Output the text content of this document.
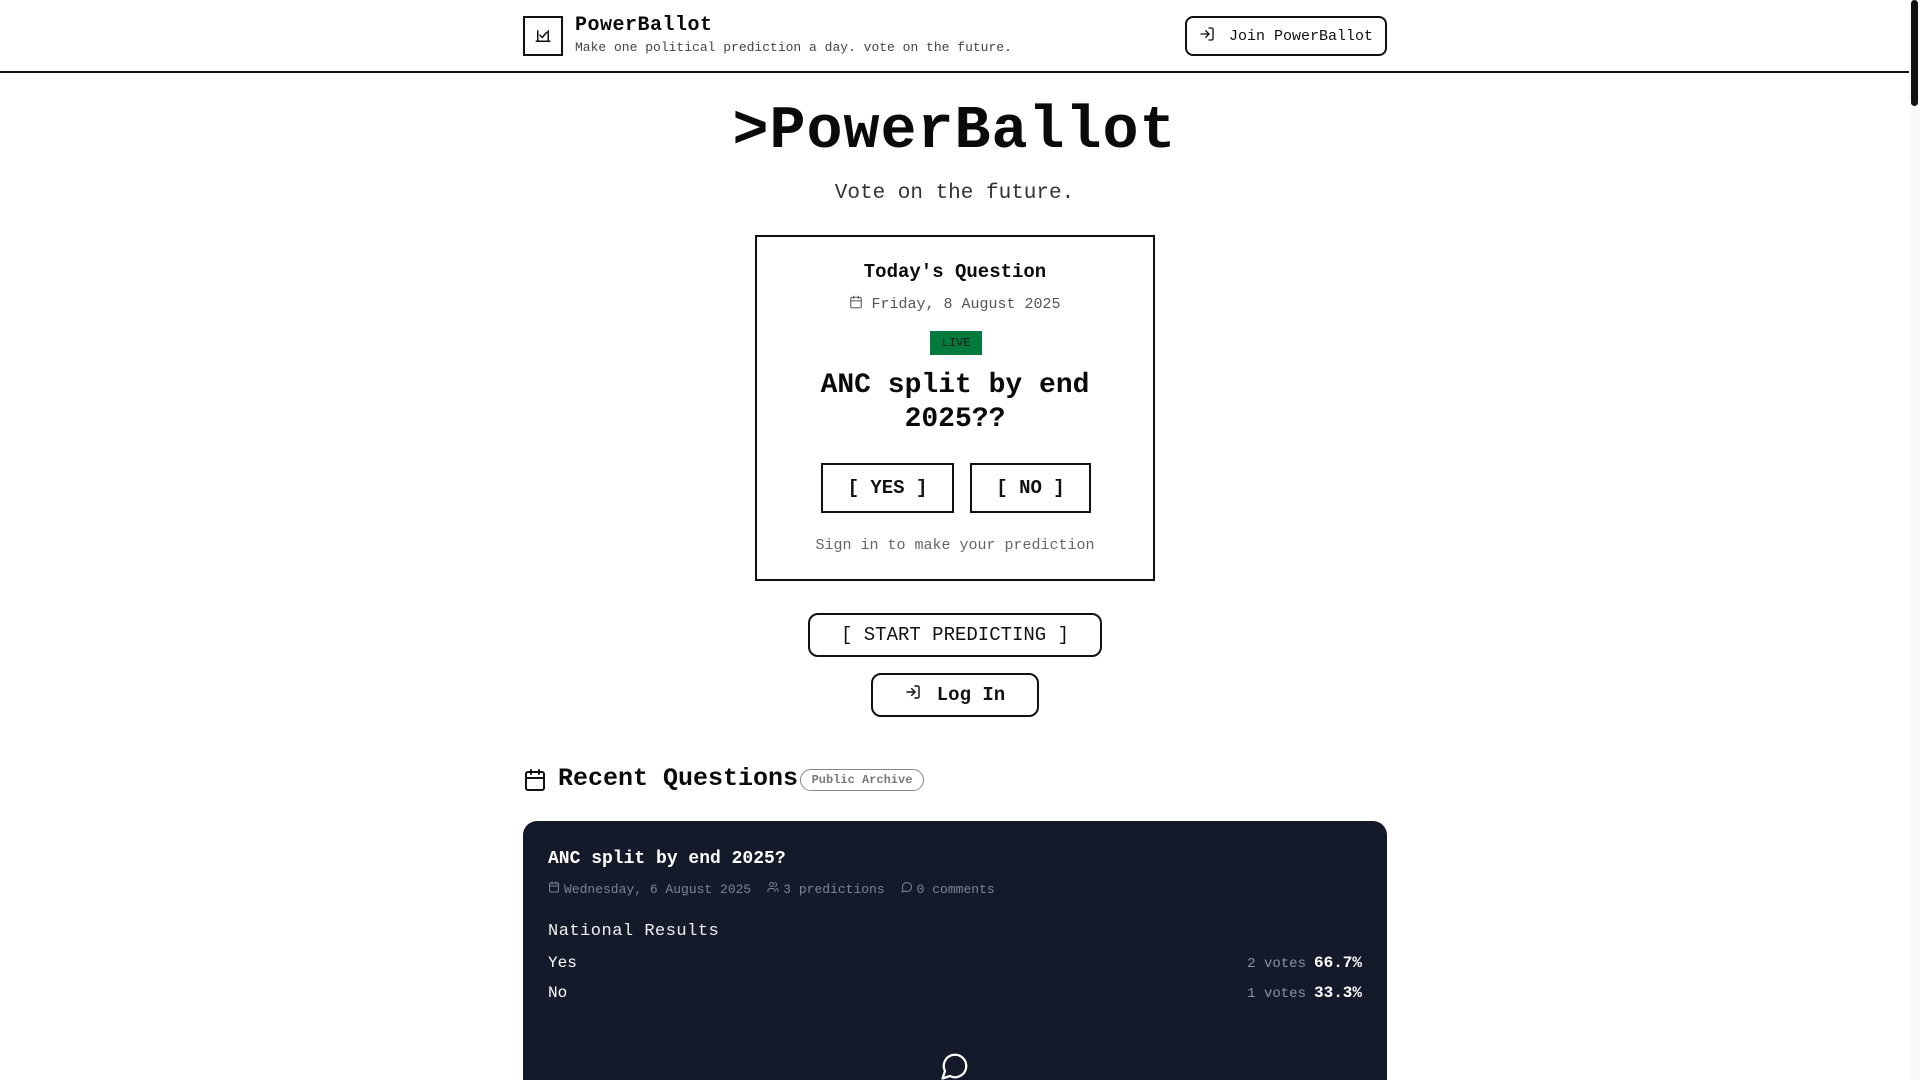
PowerBallot
Make one political prediction a day. vote on the future.
Join PowerBallot
>PowerBallot
Vote on the future.
Today's Question
Friday, 8 August 2025
LIVE
ANC split by end 2025??
[ YES ]	[ NO ]
Sign in to make your prediction
[ START PREDICTING ]
Log In
Recent Questions	Public Archive
ANC split by end 2025?
Wednesday, 6 August 2025 3 predictions 0 comments
National Results
Yes	2 votes 66.7%
No	1 votes 33.3%
